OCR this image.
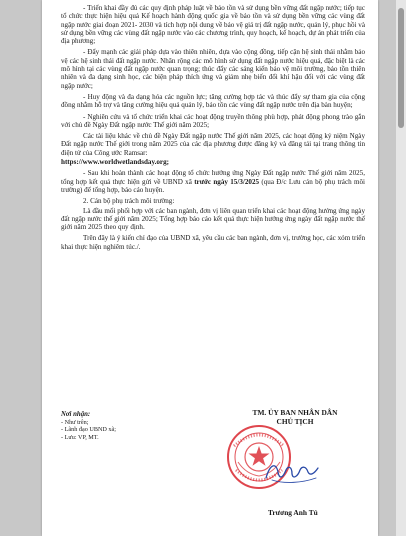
- Triển khai đầy đủ các quy định pháp luật về bảo tồn và sử dụng bền vững đất ngập nước; tiếp tục tổ chức thực hiện hiệu quả Kế hoạch hành động quốc gia về bảo tồn và sử dụng bền vững các vùng đất ngập nước giai đoạn 2021- 2030 và tích hợp nội dung về bảo vệ giá trị đất ngập nước, quản lý, phục hồi và sử dụng bền vững các vùng đất ngập nước vào các chương trình, quy hoạch, kế hoạch, dự án phát triển của địa phương;

- Đẩy mạnh các giải pháp dựa vào thiên nhiên, dựa vào cộng đồng, tiếp cận hệ sinh thái nhằm bảo vệ các hệ sinh thái đất ngập nước. Nhân rộng các mô hình sử dụng đất ngập nước hiệu quả, đặc biệt là các mô hình tại các vùng đất ngập nước quan trọng; thúc đẩy các sáng kiến bảo vệ môi trường, bảo tồn thiên nhiên và đa dạng sinh học, các biện pháp thích ứng và giảm nhẹ biến đổi khí hậu đối với các vùng đất ngập nước;

- Huy động và đa dạng hóa các nguồn lực; tăng cường hợp tác và thúc đẩy sự tham gia của cộng đồng nhằm hỗ trợ và tăng cường hiệu quả quản lý, bảo tồn các vùng đất ngập nước trên địa bàn huyện;

- Nghiên cứu và tổ chức triển khai các hoạt động truyền thông phù hợp, phát động phong trào gắn với chủ đề Ngày Đất ngập nước Thế giới năm 2025;

Các tài liệu khác về chủ đề Ngày Đất ngập nước Thế giới năm 2025, các hoạt động kỷ niệm Ngày Đất ngập nước Thế giới trong năm 2025 của các địa phương được đăng ký và đăng tải tại trang thông tin điện tử của Công ước Ramsar:

https://www.worldwetlandsday.org;

- Sau khi hoàn thành các hoạt động tổ chức hưởng ứng Ngày Đất ngập nước Thế giới năm 2025, tổng hợp kết quả thực hiện gửi về UBND xã trước ngày 15/3/2025 (qua Đ/c Lưu cán bộ phụ trách môi trường) để tổng hợp, báo cáo huyện.

2. Cán bộ phụ trách môi trường:

Là đầu mối phối hợp với các ban ngành, đơn vị liên quan triển khai các hoạt động hưởng ứng ngày đất ngập nước thế giới năm 2025; Tổng hợp báo cáo kết quả thực hiện hưởng ứng ngày đất ngập nước thế giới năm 2025 theo quy định.

Trên đây là ý kiến chỉ đạo của UBND xã, yêu cầu các ban ngành, đơn vị, trường học, các xóm triển khai thực hiện nghiêm túc./.

Nơi nhận:
- Như trên;
- Lãnh đạo UBND xã;
- Lưu: VP, MT.
TM. ỦY BAN NHÂN DÂN
CHỦ TỊCH
Trương Anh Tú
